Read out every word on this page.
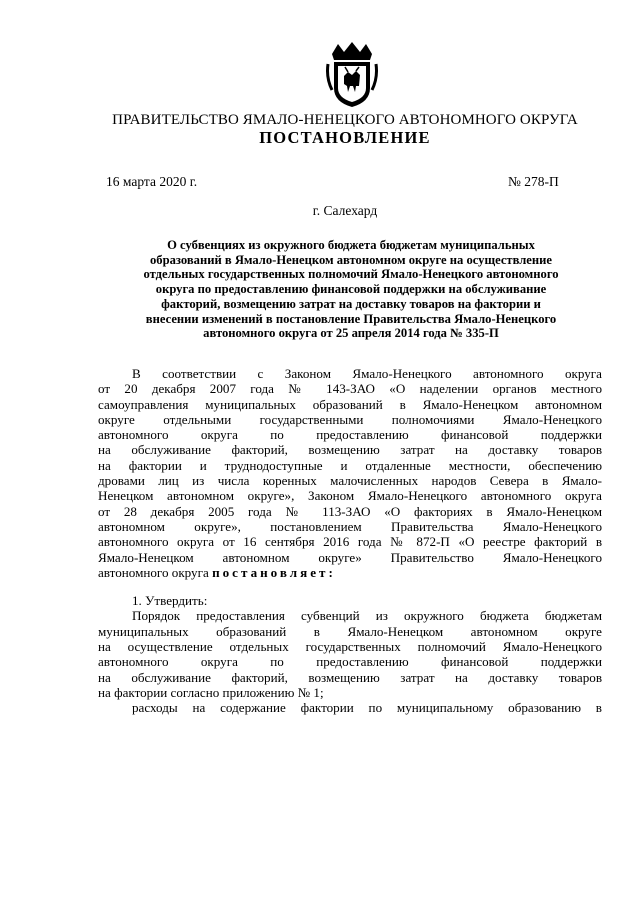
ПРАВИТЕЛЬСТВО ЯМАЛО-НЕНЕЦКОГО АВТОНОМНОГО ОКРУГА
ПОСТАНОВЛЕНИЕ
16 марта 2020 г.	№ 278-П
г. Салехард
О субвенциях из окружного бюджета бюджетам муниципальных
образований в Ямало-Ненецком автономном округе на осуществление
отдельных государственных полномочий Ямало-Ненецкого автономного
округа по предоставлению финансовой поддержки на обслуживание
факторий, возмещению затрат на доставку товаров на фактории и
внесении изменений в постановление Правительства Ямало-Ненецкого
автономного округа от 25 апреля 2014 года № 335-П
В соответствии с Законом Ямало-Ненецкого автономного округа
от 20 декабря 2007 года № 143-ЗАО «О наделении органов местного
самоуправления муниципальных образований в Ямало-Ненецком автономном
округе отдельными государственными полномочиями Ямало-Ненецкого
автономного округа по предоставлению финансовой поддержки
на обслуживание факторий, возмещению затрат на доставку товаров
на фактории и труднодоступные и отдаленные местности, обеспечению
дровами лиц из числа коренных малочисленных народов Севера в Ямало-
Ненецком автономном округе», Законом Ямало-Ненецкого автономного округа
от 28 декабря 2005 года № 113-ЗАО «О факториях в Ямало-Ненецком
автономном округе», постановлением Правительства Ямало-Ненецкого
автономного округа от 16 сентября 2016 года № 872-П «О реестре факторий в
Ямало-Ненецком автономном округе» Правительство Ямало-Ненецкого
автономного округа постановляет:
1. Утвердить:
Порядок предоставления субвенций из окружного бюджета бюджетам
муниципальных образований в Ямало-Ненецком автономном округе
на осуществление отдельных государственных полномочий Ямало-Ненецкого
автономного округа по предоставлению финансовой поддержки
на обслуживание факторий, возмещению затрат на доставку товаров
на фактории согласно приложению № 1;
расходы на содержание фактории по муниципальному образованию в
